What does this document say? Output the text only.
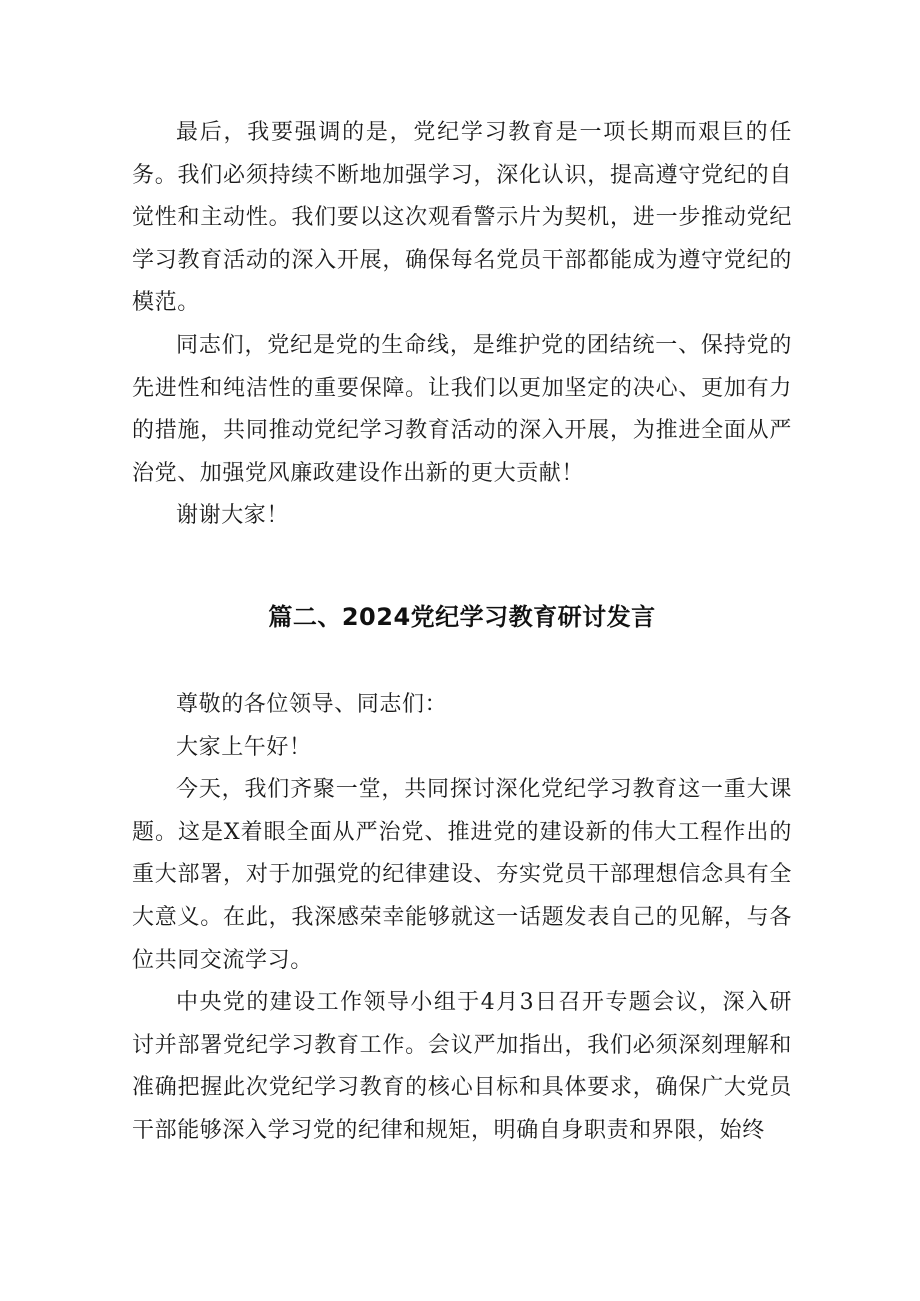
最后，我要强调的是，党纪学习教育是一项长期而艰巨的任务。我们必须持续不断地加强学习，深化认识，提高遵守党纪的自觉性和主动性。我们要以这次观看警示片为契机，进一步推动党纪学习教育活动的深入开展，确保每名党员干部都能成为遵守党纪的模范。

同志们，党纪是党的生命线，是维护党的团结统一、保持党的先进性和纯洁性的重要保障。让我们以更加坚定的决心、更加有力的措施，共同推动党纪学习教育活动的深入开展，为推进全面从严治党、加强党风廉政建设作出新的更大贡献！

谢谢大家！

篇二、2024党纪学习教育研讨发言

尊敬的各位领导、同志们：

大家上午好！

今天，我们齐聚一堂，共同探讨深化党纪学习教育这一重大课题。这是X着眼全面从严治党、推进党的建设新的伟大工程作出的重大部署，对于加强党的纪律建设、夯实党员干部理想信念具有全大意义。在此，我深感荣幸能够就这一话题发表自己的见解，与各位共同交流学习。

中央党的建设工作领导小组于4月3日召开专题会议，深入研讨并部署党纪学习教育工作。会议严加指出，我们必须深刻理解和准确把握此次党纪学习教育的核心目标和具体要求，确保广大党员干部能够深入学习党的纪律和规矩，明确自身职责和界限，始终
